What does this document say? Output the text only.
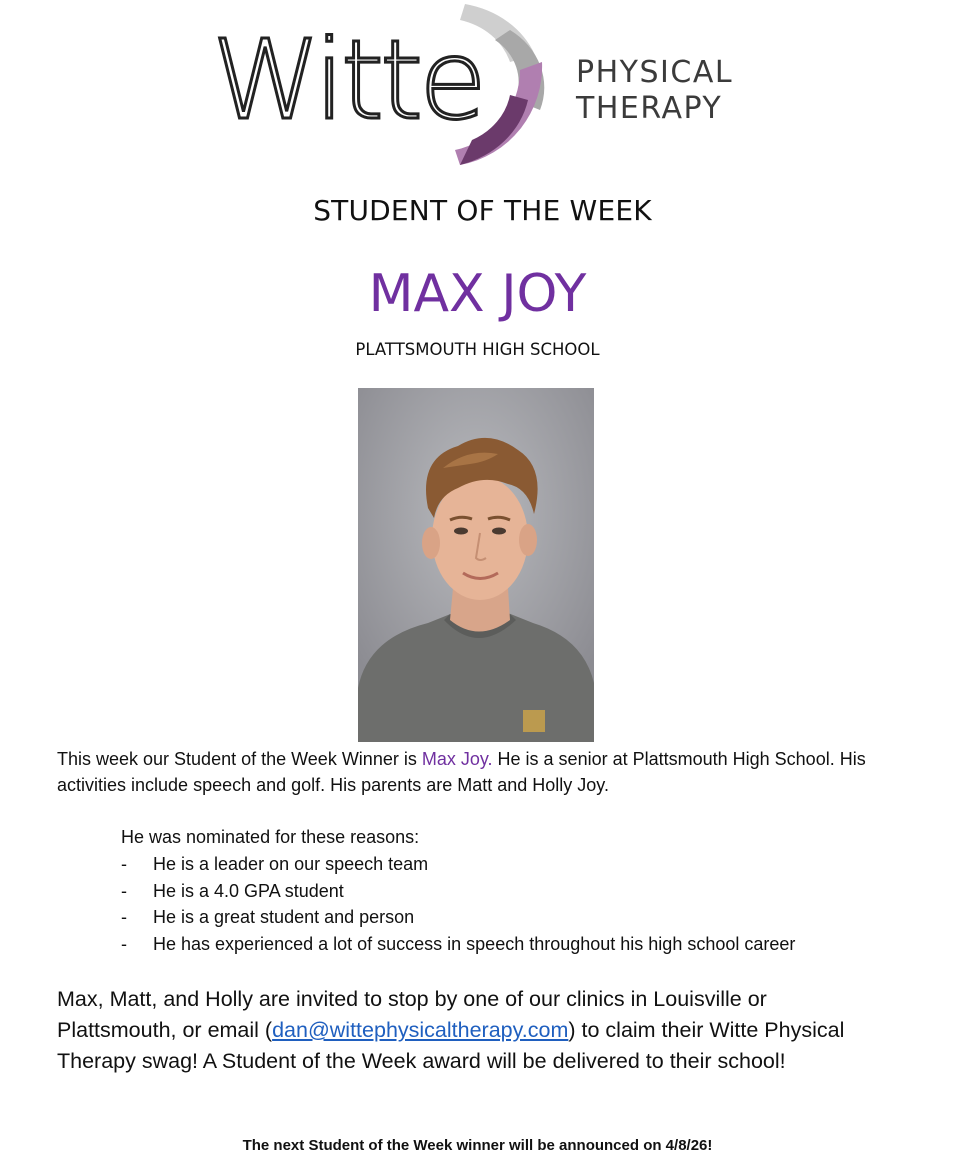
Witte	PHYSICAL
THERAPY
STUDENT OF THE WEEK
MAX JOY
PLATTSMOUTH HIGH SCHOOL
This week our Student of the Week Winner is Max Joy. He is a senior at Plattsmouth High School. His activities include speech and golf. His parents are Matt and Holly Joy.
He was nominated for these reasons:
- He is a leader on our speech team
- He is a 4.0 GPA student
- He is a great student and person
- He has experienced a lot of success in speech throughout his high school career
Max, Matt, and Holly are invited to stop by one of our clinics in Louisville or Plattsmouth, or email (dan@wittephysicaltherapy.com) to claim their Witte Physical Therapy swag! A Student of the Week award will be delivered to their school!
The next Student of the Week winner will be announced on 4/8/26!
